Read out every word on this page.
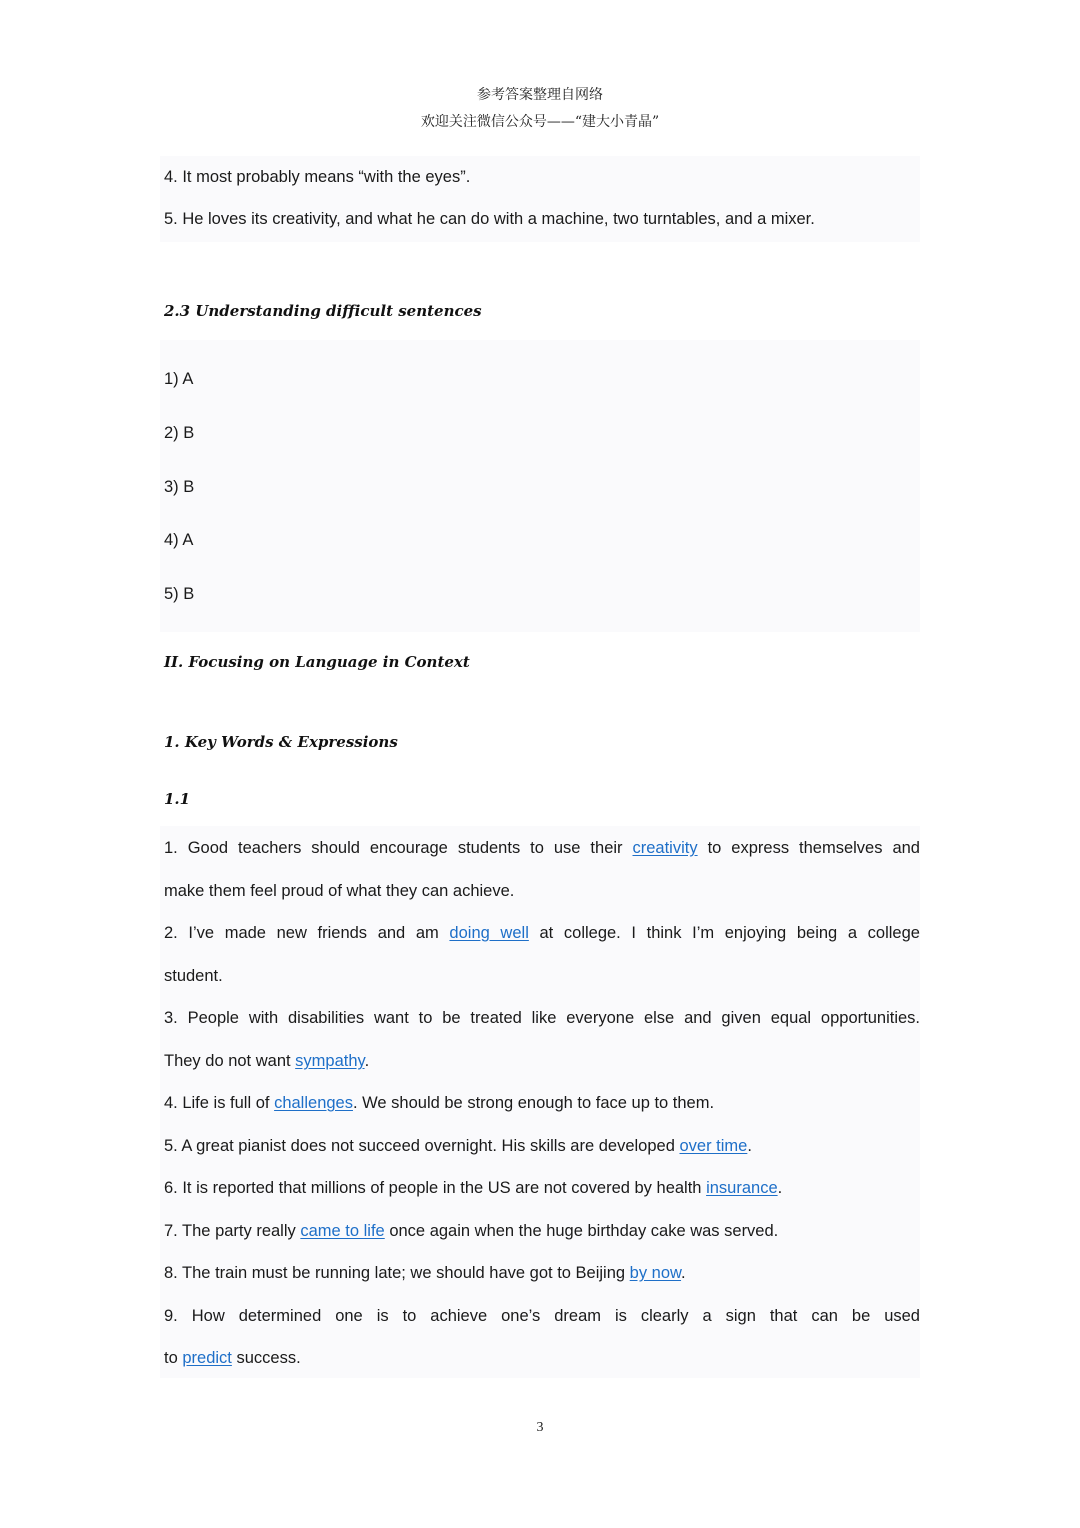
参考答案整理自网络
欢迎关注微信公众号——“建大小青晶”
4. It most probably means “with the eyes”.
5. He loves its creativity, and what he can do with a machine, two turntables, and a mixer.
2.3 Understanding difficult sentences
1) A
2) B
3) B
4) A
5) B
II. Focusing on Language in Context
1. Key Words & Expressions
1.1
1. Good teachers should encourage students to use their creativity to express themselves and
make them feel proud of what they can achieve.
2. I’ve made new friends and am doing well at college. I think I’m enjoying being a college
student.
3. People with disabilities want to be treated like everyone else and given equal opportunities.
They do not want sympathy.
4. Life is full of challenges. We should be strong enough to face up to them.
5. A great pianist does not succeed overnight. His skills are developed over time.
6. It is reported that millions of people in the US are not covered by health insurance.
7. The party really came to life once again when the huge birthday cake was served.
8. The train must be running late; we should have got to Beijing by now.
9. How determined one is to achieve one’s dream is clearly a sign that can be used
to predict success.
3
